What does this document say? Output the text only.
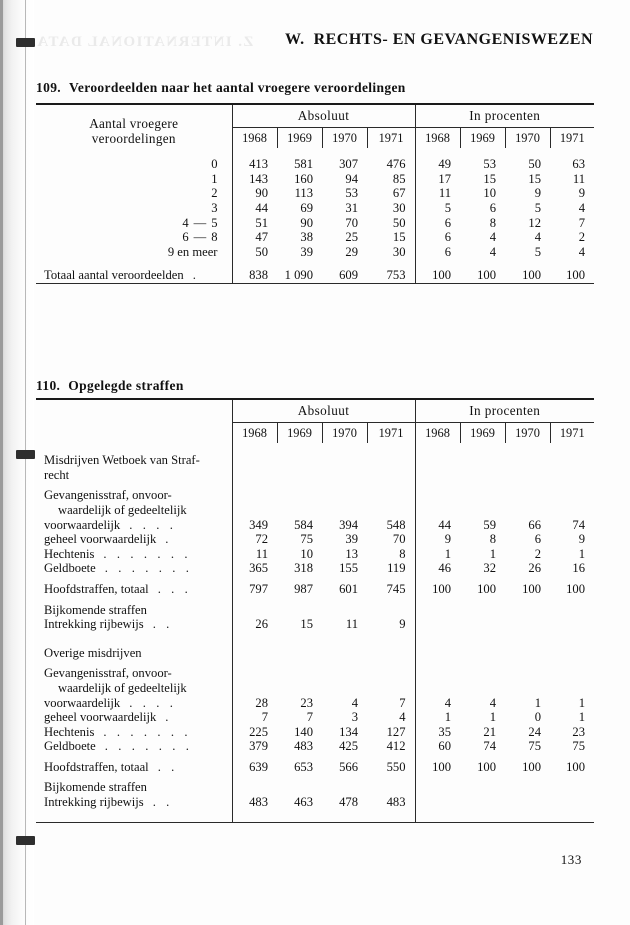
Z. INTERNATIONAL DATA W. RECHTS- EN GEVANGENISWEZEN
109. Veroordeelden naar het aantal vroegere veroordelingen
Aantal vroegere
veroordelingen	Absoluut				In procenten			
	1968	1969	1970	1971	1968	1969	1970	1971

0	413	581	307	476	49	53	50	63
1	143	160	94	85	17	15	15	11
2	90	113	53	67	11	10	9	9
3	44	69	31	30	5	6	5	4
4 — 5	51	90	70	50	6	8	12	7
6 — 8	47	38	25	15	6	4	4	2
9 en meer	50	39	29	30	6	4	5	4

Totaal aantal veroordeelden .	838	1 090	609	753	100	100	100	100

110. Opgelegde straffen
	Absoluut				In procenten			
	1968	1969	1970	1971	1968	1969	1970	1971

Misdrijven Wetboek van Straf-
recht								

Gevangenisstraf, onvoor-
waardelijk of gedeeltelijk
voorwaardelijk . . . .	349	584	394	548	44	59	66	74
geheel voorwaardelijk .	72	75	39	70	9	8	6	9
Hechtenis . . . . . . .	11	10	13	8	1	1	2	1
Geldboete . . . . . . .	365	318	155	119	46	32	26	16

Hoofdstraffen, totaal . . .	797	987	601	745	100	100	100	100

Bijkomende straffen								
Intrekking rijbewijs . .	26	15	11	9				

Overige misdrijven								

Gevangenisstraf, onvoor-
waardelijk of gedeeltelijk
voorwaardelijk . . . .	28	23	4	7	4	4	1	1
geheel voorwaardelijk .	7	7	3	4	1	1	0	1
Hechtenis . . . . . . .	225	140	134	127	35	21	24	23
Geldboete . . . . . . .	379	483	425	412	60	74	75	75

Hoofdstraffen, totaal . .	639	653	566	550	100	100	100	100

Bijkomende straffen								
Intrekking rijbewijs . .	483	463	478	483				

133
